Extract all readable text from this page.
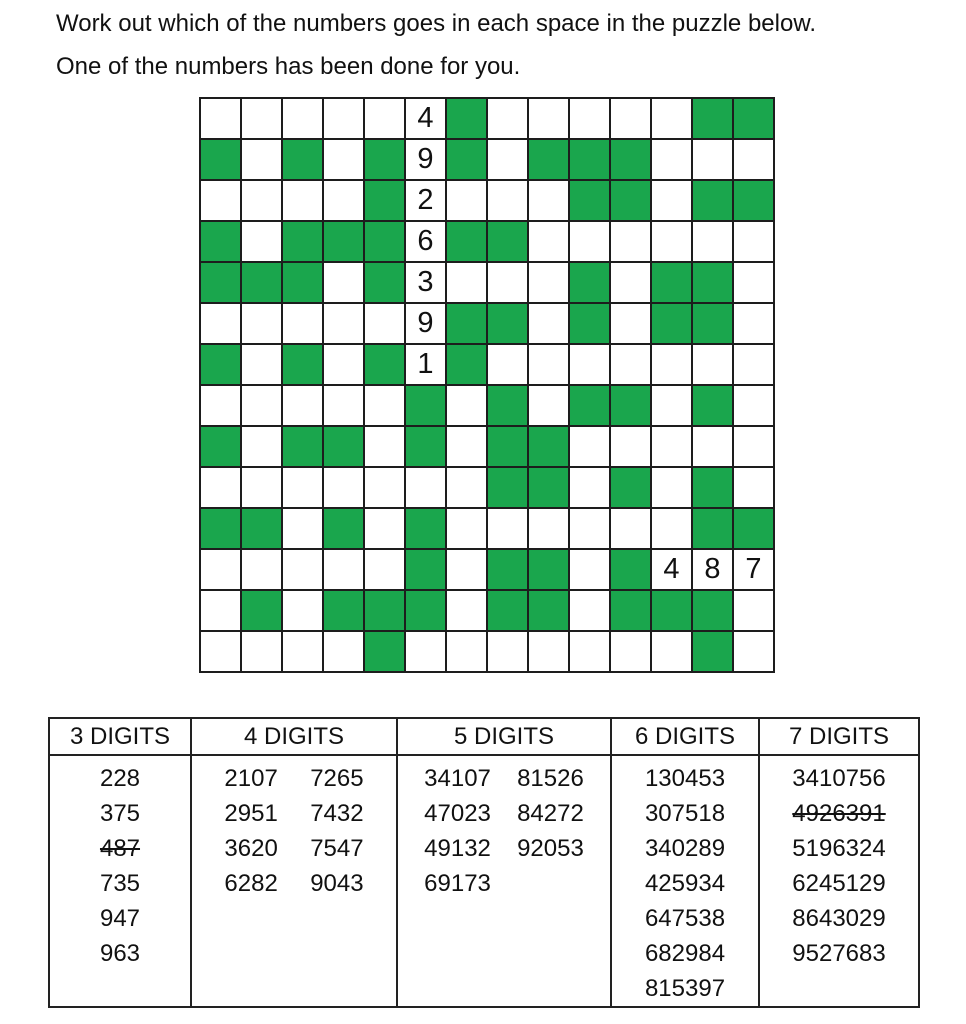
Work out which of the numbers goes in each space in the puzzle below.
One of the numbers has been done for you.
4
9
2
6
3
9
1
4 8 7
3 DIGITS
228
375
487
735
947
963
4 DIGITS
2107
2951
3620
6282
7265
7432
7547
9043
5 DIGITS
34107
47023
49132
69173
81526
84272
92053
6 DIGITS
130453
307518
340289
425934
647538
682984
815397
7 DIGITS
3410756
4926391
5196324
6245129
8643029
9527683
